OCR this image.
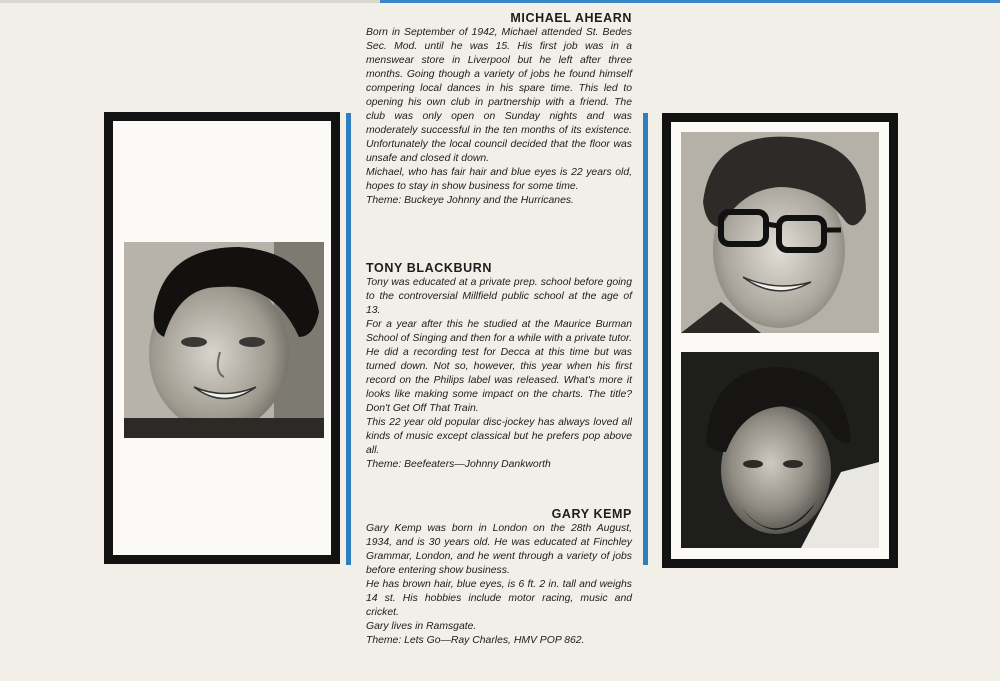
MICHAEL AHEARN

Born in September of 1942, Michael attended St. Bedes Sec. Mod. until he was 15. His first job was in a menswear store in Liverpool but he left after three months. Going though a variety of jobs he found himself compering local dances in his spare time. This led to opening his own club in partnership with a friend. The club was only open on Sunday nights and was moderately successful in the ten months of its existence. Unfortunately the local council decided that the floor was unsafe and closed it down.

Michael, who has fair hair and blue eyes is 22 years old, hopes to stay in show business for some time.

Theme: Buckeye Johnny and the Hurricanes.

TONY BLACKBURN

Tony was educated at a private prep. school before going to the controversial Millfield public school at the age of 13.

For a year after this he studied at the Maurice Burman School of Singing and then for a while with a private tutor. He did a recording test for Decca at this time but was turned down. Not so, however, this year when his first record on the Philips label was released. What's more it looks like making some impact on the charts. The title? Don't Get Off That Train.

This 22 year old popular disc-jockey has always loved all kinds of music except classical but he prefers pop above all.

Theme: Beefeaters—Johnny Dankworth

GARY KEMP

Gary Kemp was born in London on the 28th August, 1934, and is 30 years old. He was educated at Finchley Grammar, London, and he went through a variety of jobs before entering show business.

He has brown hair, blue eyes, is 6 ft. 2 in. tall and weighs 14 st. His hobbies include motor racing, music and cricket.

Gary lives in Ramsgate.

Theme: Lets Go—Ray Charles, HMV POP 862.
